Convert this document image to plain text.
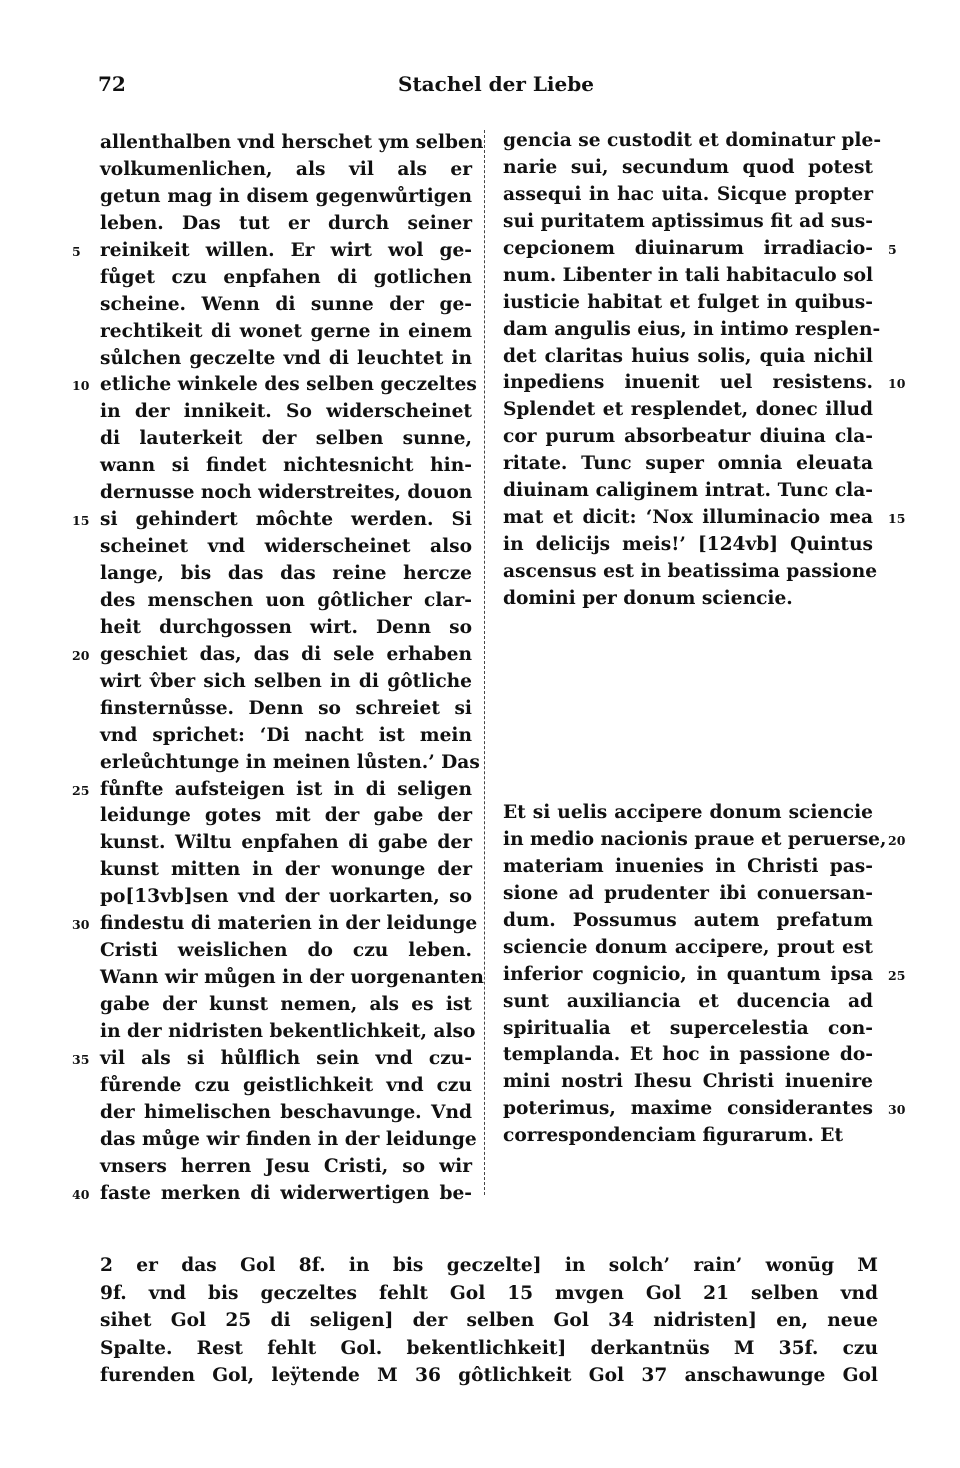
72	Stachel der Liebe
allenthalben vnd herschet ym selben
volkumenlichen, als vil als er
getun mag in disem gegenwůrtigen
leben. Das tut er durch seiner
reinikeit willen. Er wirt wol ge-
5
fůget czu enpfahen di gotlichen
scheine. Wenn di sunne der ge-
rechtikeit di wonet gerne in einem
sůlchen geczelte vnd di leuchtet in
etliche winkele des selben geczeltes
10
in der innikeit. So widerscheinet
di lauterkeit der selben sunne,
wann si findet nichtesnicht hin-
dernusse noch widerstreites, douon
si gehindert môchte werden. Si
15
scheinet vnd widerscheinet also
lange, bis das das reine hercze
des menschen uon gôtlicher clar-
heit durchgossen wirt. Denn so
geschiet das, das di sele erhaben
20
wirt v̂ber sich selben in di gôtliche
finsternůsse. Denn so schreiet si
vnd sprichet: ‘Di nacht ist mein
erleůchtunge in meinen lůsten.’ Das
fůnfte aufsteigen ist in di seligen
25
leidunge gotes mit der gabe der
kunst. Wiltu enpfahen di gabe der
kunst mitten in der wonunge der
po[13vb]sen vnd der uorkarten, so
findestu di materien in der leidunge
30
Cristi weislichen do czu leben.
Wann wir můgen in der uorgenanten
gabe der kunst nemen, als es ist
in der nidristen bekentlichkeit, also
vil als si hůlflich sein vnd czu-
35
fůrende czu geistlichkeit vnd czu
der himelischen beschavunge. Vnd
das můge wir finden in der leidunge
vnsers herren Jesu Cristi, so wir
faste merken di widerwertigen be-
40
gencia se custodit et dominatur ple-
narie sui, secundum quod potest
assequi in hac uita. Sicque propter
sui puritatem aptissimus fit ad sus-
cepcionem diuinarum irradiacio- 5
num. Libenter in tali habitaculo sol
iusticie habitat et fulget in quibus-
dam angulis eius, in intimo resplen-
det claritas huius solis, quia nichil
inpediens inuenit uel resistens. 10
Splendet et resplendet, donec illud
cor purum absorbeatur diuina cla-
ritate. Tunc super omnia eleuata
diuinam caliginem intrat. Tunc cla-
mat et dicit: ‘Nox illuminacio mea 15
in delicijs meis!’ [124vb] Quintus
ascensus est in beatissima passione
domini per donum sciencie.
Et si uelis accipere donum sciencie
in medio nacionis praue et peruerse, 20
materiam inuenies in Christi pas-
sione ad prudenter ibi conuersan-
dum. Possumus autem prefatum
sciencie donum accipere, prout est
inferior cognicio, in quantum ipsa 25
sunt auxiliancia et ducencia ad
spiritualia et supercelestia con-
templanda. Et hoc in passione do-
mini nostri Ihesu Christi inuenire
poterimus, maxime considerantes 30
correspondenciam figurarum. Et
2 er das Gol 8f. in bis geczelte] in solch’ rain’ wonūg M
9f. vnd bis geczeltes fehlt Gol 15 mvgen Gol 21 selben vnd
sihet Gol 25 di seligen] der selben Gol 34 nidristen] en, neue
Spalte. Rest fehlt Gol. bekentlichkeit] derkantnüs M 35f. czu
furenden Gol, leÿtende M 36 gôtlichkeit Gol 37 anschawunge Gol
